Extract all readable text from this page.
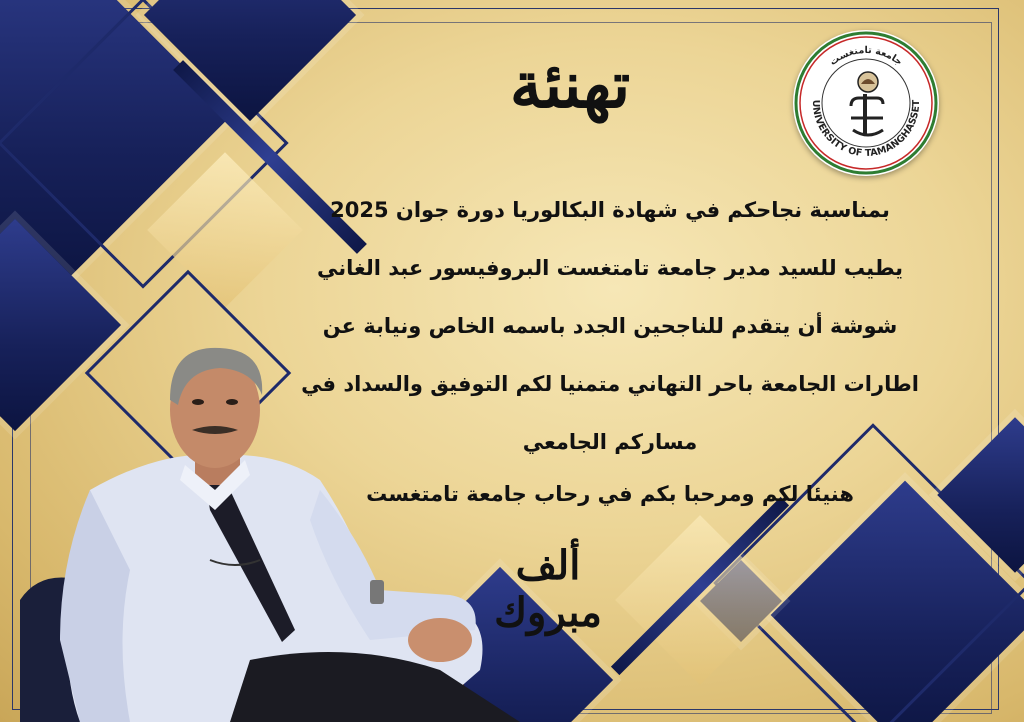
جامعة تامنغست
UNIVERSITY OF TAMANGHASSET
تهنئة
بمناسبة نجاحكم في شهادة البكالوريا دورة جوان 2025
يطيب للسيد مدير جامعة تامتغست البروفيسور عبد الغاني
شوشة أن يتقدم للناجحين الجدد باسمه الخاص ونيابة عن
اطارات الجامعة باحر التهاني متمنيا لكم التوفيق والسداد في
مساركم الجامعي
هنيئا لكم ومرحبا بكم في رحاب جامعة تامتغست
ألف مبروك
